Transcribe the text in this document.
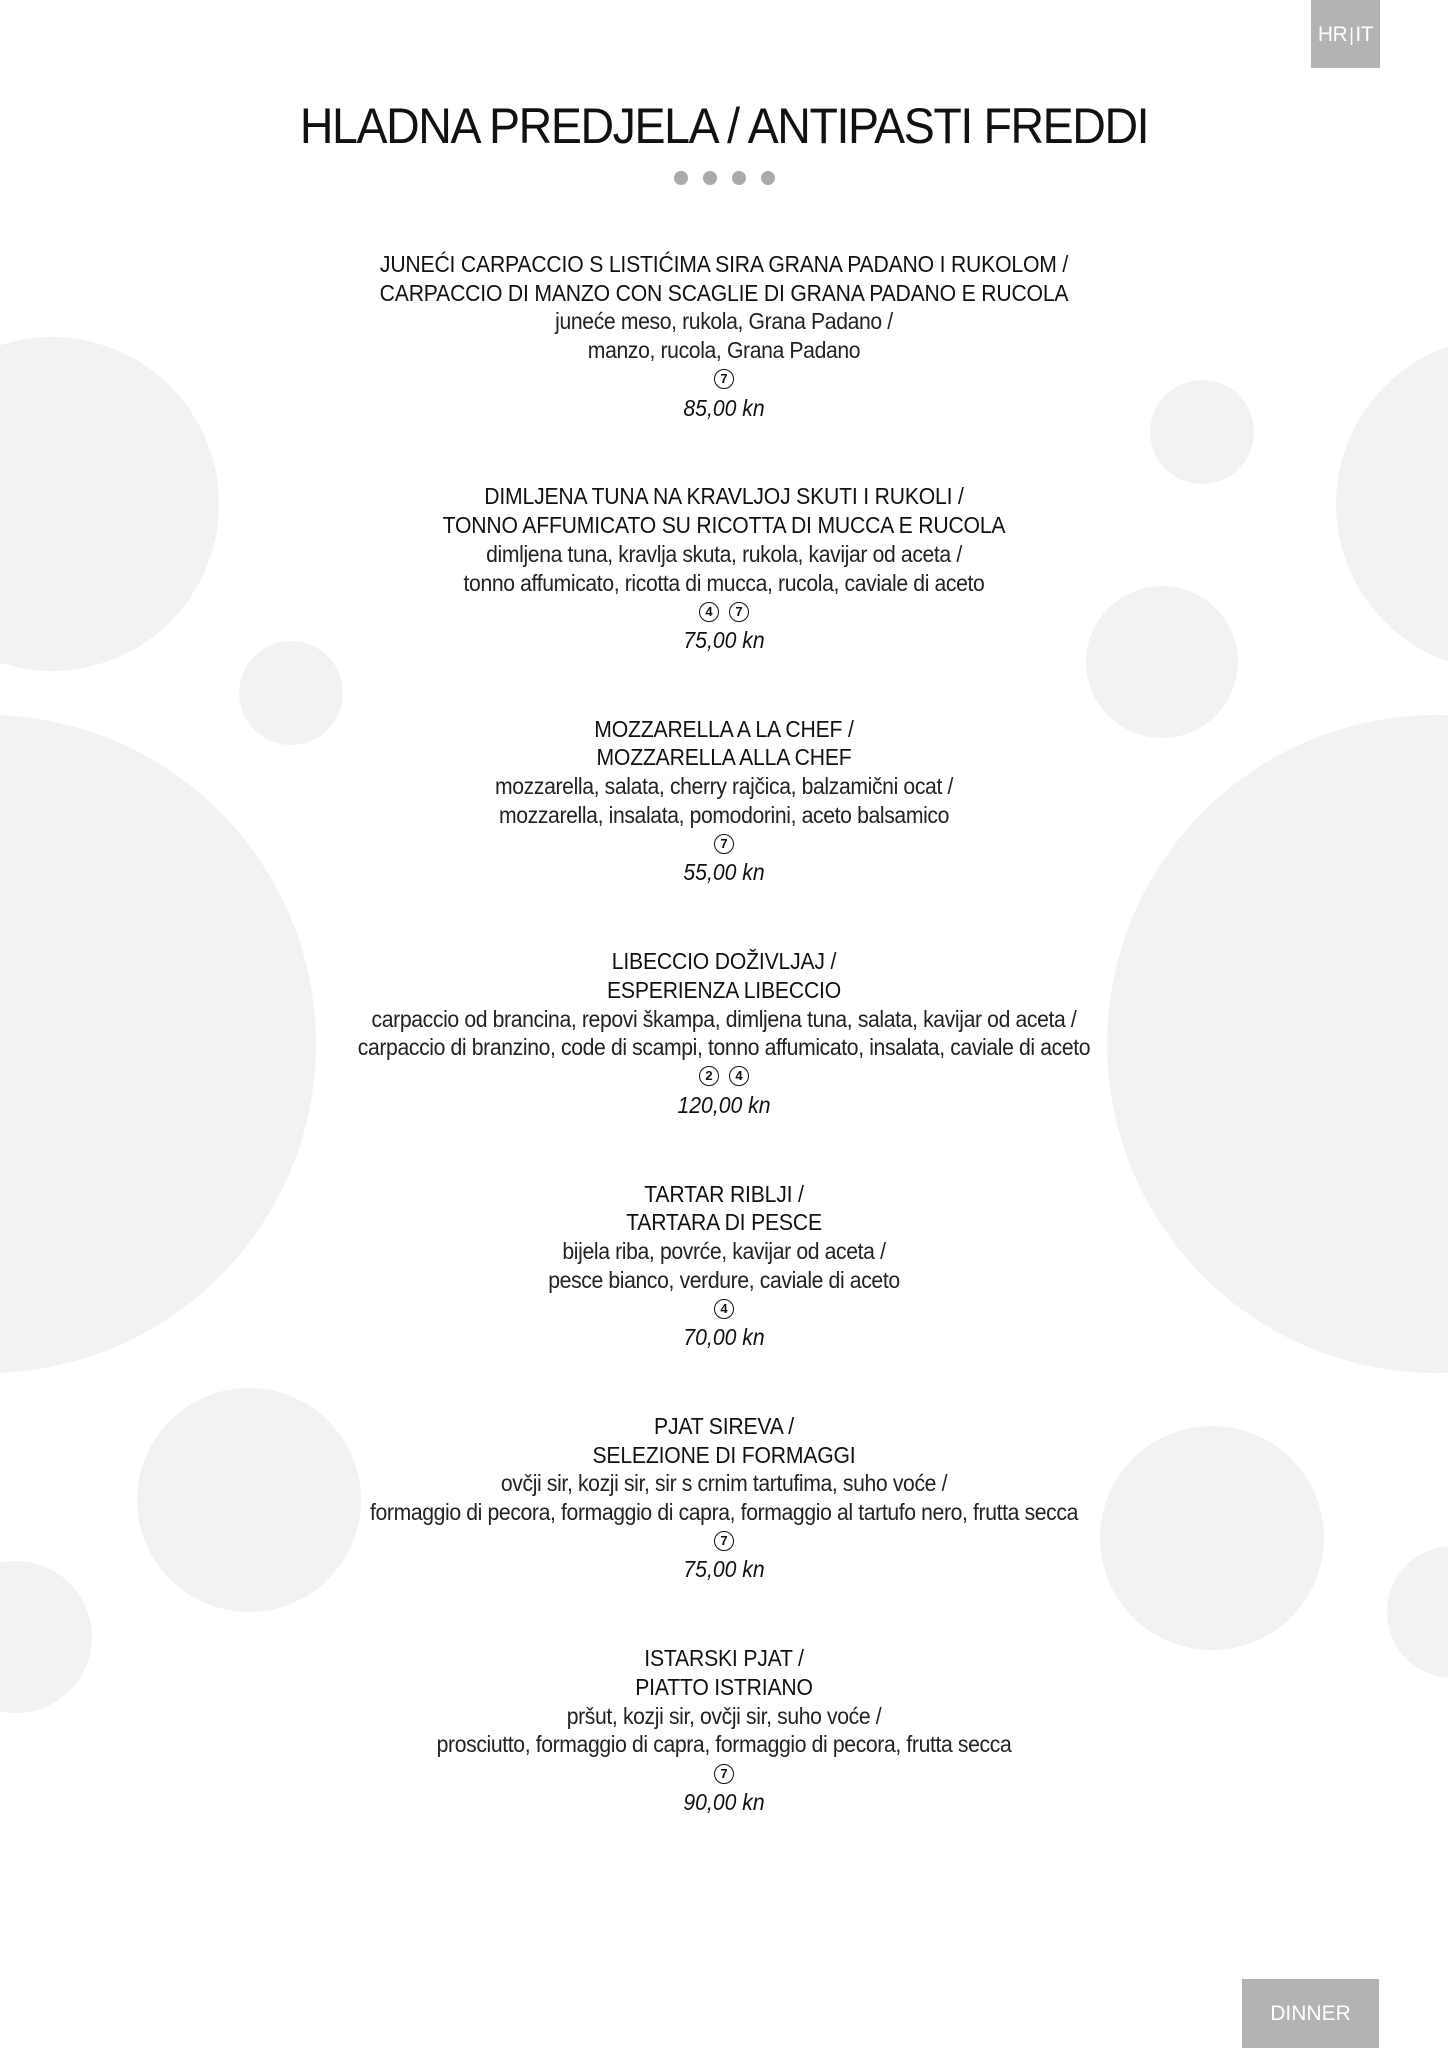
HR | IT
HLADNA PREDJELA / ANTIPASTI FREDDI
JUNEĆI CARPACCIO S LISTIĆIMA SIRA GRANA PADANO I RUKOLOM /
CARPACCIO DI MANZO CON SCAGLIE DI GRANA PADANO E RUCOLA
juneće meso, rukola, Grana Padano /
manzo, rucola, Grana Padano
7
85,00 kn
DIMLJENA TUNA NA KRAVLJOJ SKUTI I RUKOLI /
TONNO AFFUMICATO SU RICOTTA DI MUCCA E RUCOLA
dimljena tuna, kravlja skuta, rukola, kavijar od aceta /
tonno affumicato, ricotta di mucca, rucola, caviale di aceto
4	7
75,00 kn
MOZZARELLA A LA CHEF /
MOZZARELLA ALLA CHEF
mozzarella, salata, cherry rajčica, balzamični ocat /
mozzarella, insalata, pomodorini, aceto balsamico
7
55,00 kn
LIBECCIO DOŽIVLJAJ /
ESPERIENZA LIBECCIO
carpaccio od brancina, repovi škampa, dimljena tuna, salata, kavijar od aceta /
carpaccio di branzino, code di scampi, tonno affumicato, insalata, caviale di aceto
2	4
120,00 kn
TARTAR RIBLJI /
TARTARA DI PESCE
bijela riba, povrće, kavijar od aceta /
pesce bianco, verdure, caviale di aceto
4
70,00 kn
PJAT SIREVA /
SELEZIONE DI FORMAGGI
ovčji sir, kozji sir, sir s crnim tartufima, suho voće /
formaggio di pecora, formaggio di capra, formaggio al tartufo nero, frutta secca
7
75,00 kn
ISTARSKI PJAT /
PIATTO ISTRIANO
pršut, kozji sir, ovčji sir, suho voće /
prosciutto, formaggio di capra, formaggio di pecora, frutta secca
7
90,00 kn
DINNER
